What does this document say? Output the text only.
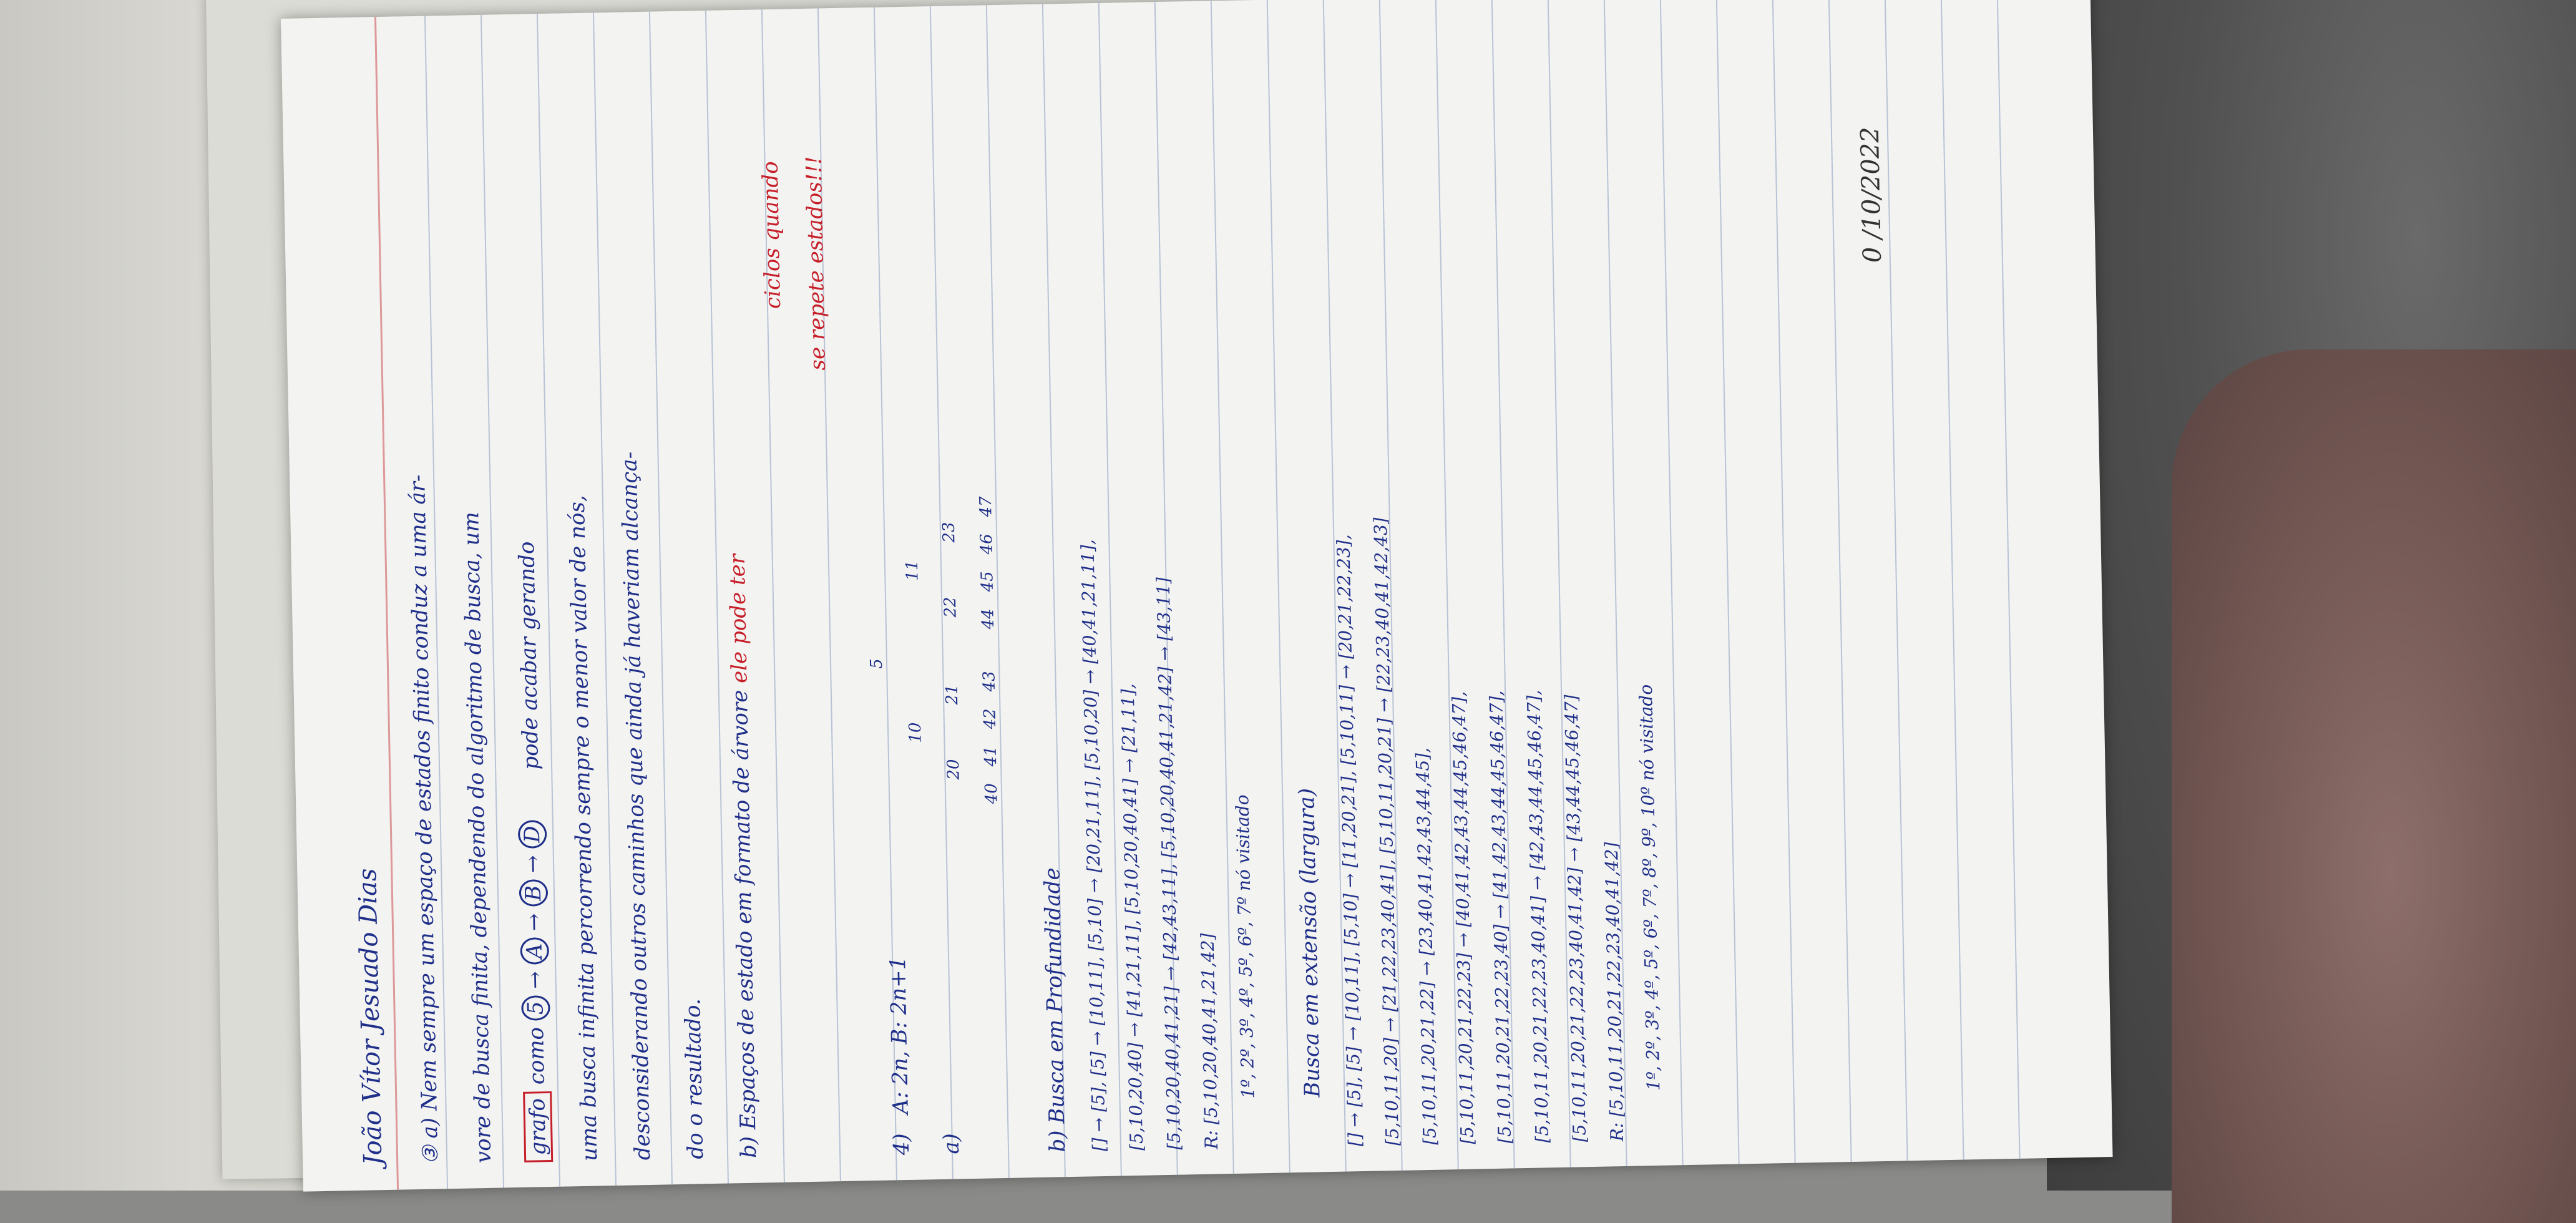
João Vítor Jesuado Dias
0 /10/2022
③ a) Nem sempre um espaço de estados finito conduz a uma ár- vore de busca finita, dependendo do algoritmo de busca, um	grafo como 5 → A → B → D pode acabar gerando uma busca infinita percorrendo sempre o menor valor de nós, desconsiderando outros caminhos que ainda já haveriam alcança- do o resultado.	b) Espaços de estado em formato de árvore ele pode ter
ciclos quando se repete estados!!!
4) A: 2n, B: 2n+1
a)
5
10
11
20
21
22
23
40
41
42
43
44
45
46
47
b) Busca em Profundidade [] → [5], [5] → [10,11], [5,10] → [20,21,11], [5,10,20] → [40,41,21,11], [5,10,20,40] → [41,21,11], [5,10,20,40,41] → [21,11], [5,10,20,40,41,21] → [42,43,11], [5,10,20,40,41,21,42] → [43,11] R: [5,10,20,40,41,21,42] 1º, 2º, 3º, 4º, 5º, 6º, 7º nó visitado Busca em extensão (largura) [] → [5], [5] → [10,11], [5,10] → [11,20,21], [5,10,11] → [20,21,22,23], [5,10,11,20] → [21,22,23,40,41], [5,10,11,20,21] → [22,23,40,41,42,43] [5,10,11,20,21,22] → [23,40,41,42,43,44,45], [5,10,11,20,21,22,23] → [40,41,42,43,44,45,46,47], [5,10,11,20,21,22,23,40] → [41,42,43,44,45,46,47], [5,10,11,20,21,22,23,40,41] → [42,43,44,45,46,47], [5,10,11,20,21,22,23,40,41,42] → [43,44,45,46,47] R: [5,10,11,20,21,22,23,40,41,42] 1º, 2º, 3º, 4º, 5º, 6º, 7º, 8º, 9º, 10º nó visitado
